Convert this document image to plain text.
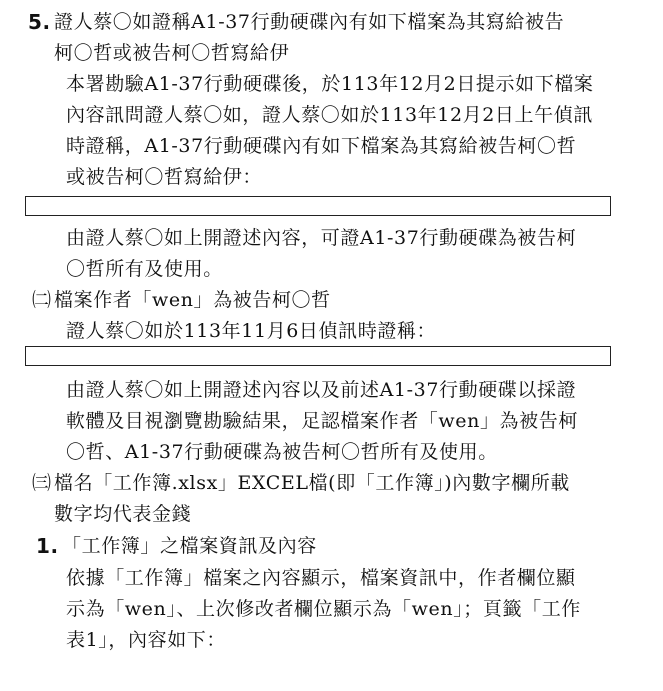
5. 證人蔡〇如證稱A1-37行動硬碟內有如下檔案為其寫給被告
柯〇哲或被告柯〇哲寫給伊
本署勘驗A1-37行動硬碟後，於113年12月2日提示如下檔案
內容訊問證人蔡〇如，證人蔡〇如於113年12月2日上午偵訊
時證稱，A1-37行動硬碟內有如下檔案為其寫給被告柯〇哲
或被告柯〇哲寫給伊：
由證人蔡〇如上開證述內容，可證A1-37行動硬碟為被告柯
〇哲所有及使用。
㈡ 檔案作者「wen」為被告柯〇哲
證人蔡〇如於113年11月6日偵訊時證稱：
由證人蔡〇如上開證述內容以及前述A1-37行動硬碟以採證
軟體及目視瀏覽勘驗結果，足認檔案作者「wen」為被告柯
〇哲、A1-37行動硬碟為被告柯〇哲所有及使用。
㈢ 檔名「工作簿.xlsx」EXCEL檔(即「工作簿」)內數字欄所載
數字均代表金錢
1. 「工作簿」之檔案資訊及內容
依據「工作簿」檔案之內容顯示，檔案資訊中，作者欄位顯
示為「wen」、上次修改者欄位顯示為「wen」；頁籤「工作
表1」，內容如下：
